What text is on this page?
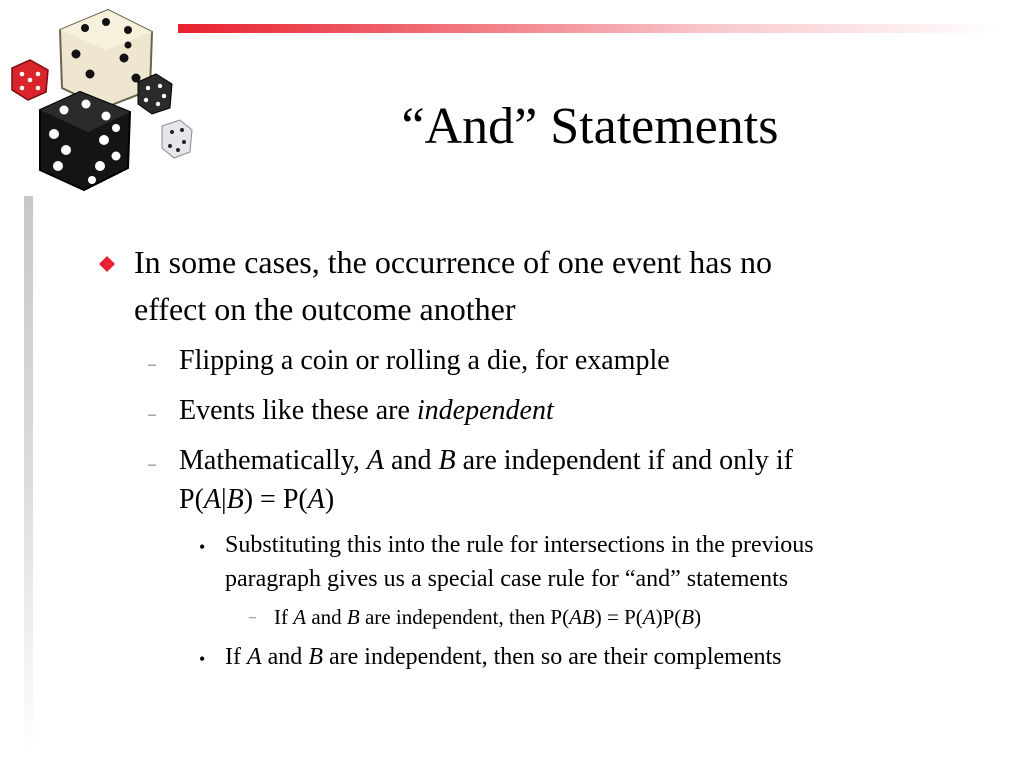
“And” Statements
In some cases, the occurrence of one event has no
effect on the outcome another
– Flipping a coin or rolling a die, for example
– Events like these are independent
– Mathematically, A and B are independent if and only if
P(A|B) = P(A)
• Substituting this into the rule for intersections in the previous
paragraph gives us a special case rule for “and” statements
– If A and B are independent, then P(AB) = P(A)P(B)
• If A and B are independent, then so are their complements
